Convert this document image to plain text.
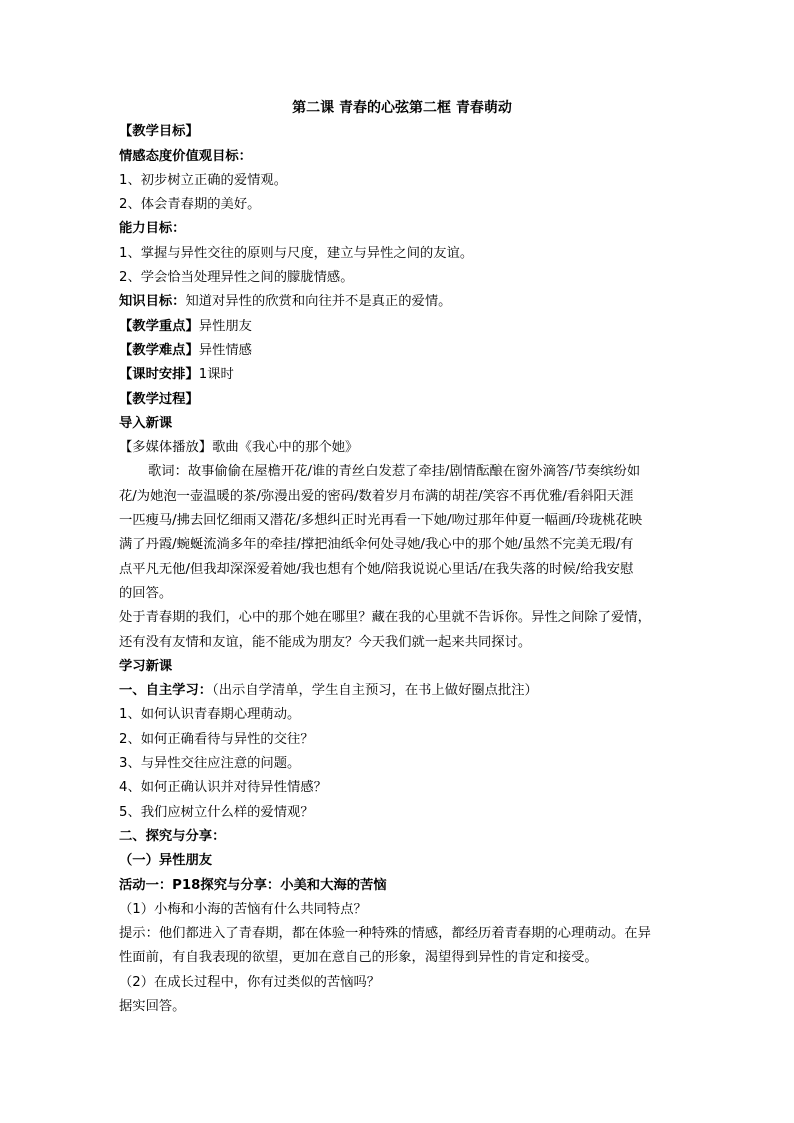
第二课 青春的心弦第二框 青春萌动
【教学目标】
情感态度价值观目标：
1、初步树立正确的爱情观。
2、体会青春期的美好。
能力目标：
1、掌握与异性交往的原则与尺度，建立与异性之间的友谊。
2、学会恰当处理异性之间的朦胧情感。
知识目标：知道对异性的欣赏和向往并不是真正的爱情。
【教学重点】异性朋友
【教学难点】异性情感
【课时安排】1课时
【教学过程】
导入新课
【多媒体播放】歌曲《我心中的那个她》
歌词：故事偷偷在屋檐开花/谁的青丝白发惹了牵挂/剧情酝酿在窗外滴答/节奏缤纷如
花/为她泡一壶温暖的茶/弥漫出爱的密码/数着岁月布满的胡茬/笑容不再优雅/看斜阳天涯
一匹瘦马/拂去回忆细雨又潜花/多想纠正时光再看一下她/吻过那年仲夏一幅画/玲珑桃花映
满了丹霞/蜿蜒流淌多年的牵挂/撑把油纸伞何处寻她/我心中的那个她/虽然不完美无瑕/有
点平凡无他/但我却深深爱着她/我也想有个她/陪我说说心里话/在我失落的时候/给我安慰
的回答。
处于青春期的我们，心中的那个她在哪里？藏在我的心里就不告诉你。异性之间除了爱情，
还有没有友情和友谊，能不能成为朋友？今天我们就一起来共同探讨。
学习新课
一、自主学习：（出示自学清单，学生自主预习，在书上做好圈点批注）
1、如何认识青春期心理萌动。
2、如何正确看待与异性的交往？
3、与异性交往应注意的问题。
4、如何正确认识并对待异性情感？
5、我们应树立什么样的爱情观？
二、探究与分享：
（一）异性朋友
活动一：P18探究与分享：小美和大海的苦恼
（1）小梅和小海的苦恼有什么共同特点？
提示：他们都进入了青春期，都在体验一种特殊的情感，都经历着青春期的心理萌动。在异
性面前，有自我表现的欲望，更加在意自己的形象，渴望得到异性的肯定和接受。
（2）在成长过程中，你有过类似的苦恼吗？
据实回答。
